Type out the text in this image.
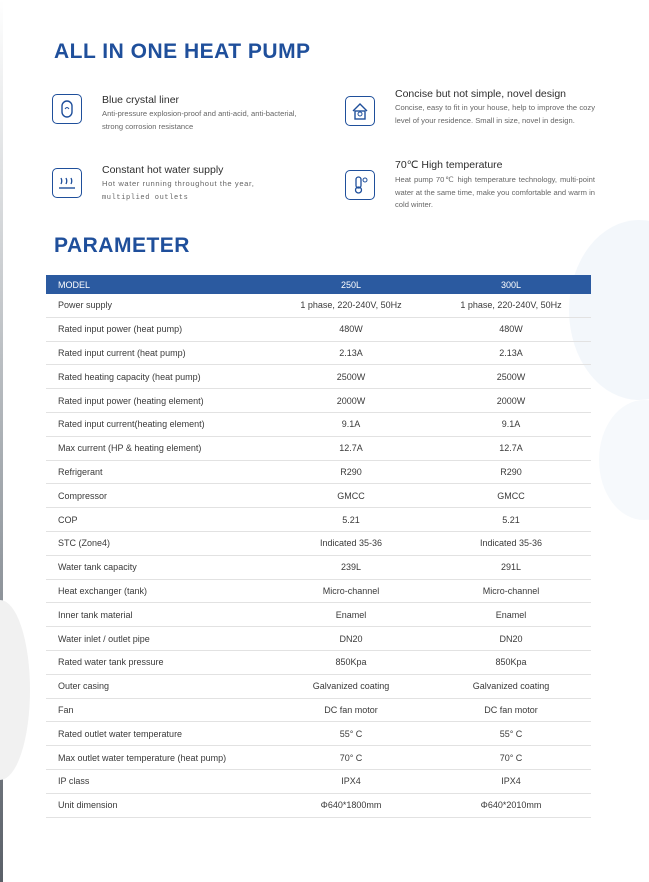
ALL IN ONE HEAT PUMP
Blue crystal liner
Anti-pressure explosion-proof and anti-acid, anti-bacterial, strong corrosion resistance
Concise but not simple, novel design
Concise, easy to fit in your house, help to improve the cozy level of your residence. Small in size, novel in design.
Constant hot water supply
Hot water running throughout the year,
multiplied outlets
70℃ High temperature
Heat pump 70℃ high temperature technology, multi-point water at the same time, make you comfortable and warm in cold winter.
PARAMETER
MODEL	250L	300L
Power supply	1 phase, 220-240V, 50Hz	1 phase, 220-240V, 50Hz
Rated input power (heat pump)	480W	480W
Rated input current (heat pump)	2.13A	2.13A
Rated heating capacity (heat pump)	2500W	2500W
Rated input power (heating element)	2000W	2000W
Rated input current(heating element)	9.1A	9.1A
Max current (HP & heating element)	12.7A	12.7A
Refrigerant	R290	R290
Compressor	GMCC	GMCC
COP	5.21	5.21
STC (Zone4)	Indicated 35-36	Indicated 35-36
Water tank capacity	239L	291L
Heat exchanger (tank)	Micro-channel	Micro-channel
Inner tank material	Enamel	Enamel
Water inlet / outlet pipe	DN20	DN20
Rated water tank pressure	850Kpa	850Kpa
Outer casing	Galvanized coating	Galvanized coating
Fan	DC fan motor	DC fan motor
Rated outlet water temperature	55° C	55° C
Max outlet water temperature (heat pump)	70° C	70° C
IP class	IPX4	IPX4
Unit dimension	Φ640*1800mm	Φ640*2010mm
